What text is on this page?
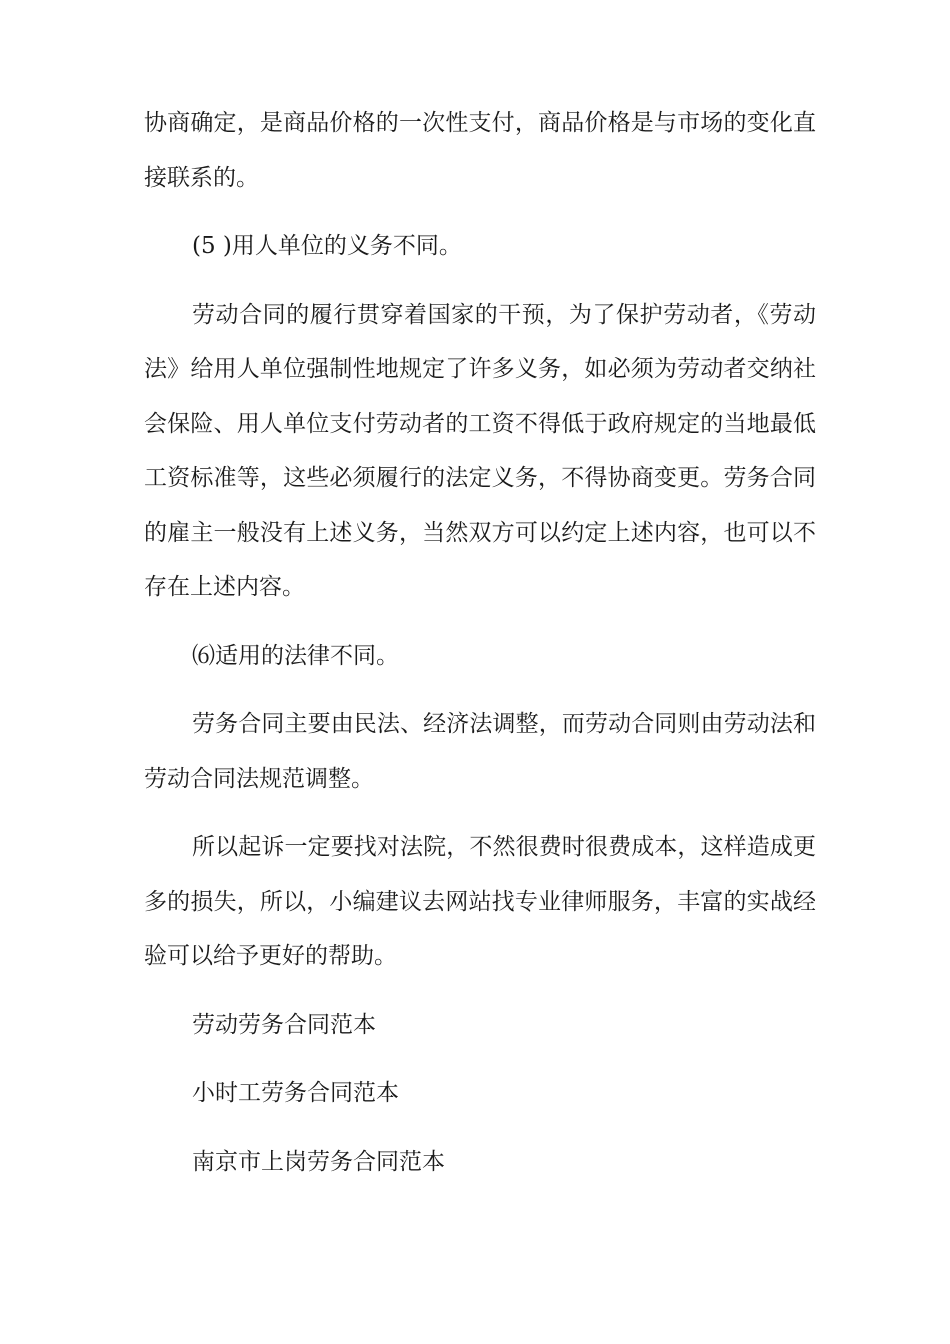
协商确定，是商品价格的一次性支付，商品价格是与市场的变化直接联系的。

(5 )用人单位的义务不同。

劳动合同的履行贯穿着国家的干预，为了保护劳动者，《劳动法》给用人单位强制性地规定了许多义务，如必须为劳动者交纳社会保险、用人单位支付劳动者的工资不得低于政府规定的当地最低工资标准等，这些必须履行的法定义务，不得协商变更。劳务合同的雇主一般没有上述义务，当然双方可以约定上述内容，也可以不存在上述内容。

⑹适用的法律不同。

劳务合同主要由民法、经济法调整，而劳动合同则由劳动法和劳动合同法规范调整。

所以起诉一定要找对法院，不然很费时很费成本，这样造成更多的损失，所以，小编建议去网站找专业律师服务，丰富的实战经验可以给予更好的帮助。

劳动劳务合同范本

小时工劳务合同范本

南京市上岗劳务合同范本
